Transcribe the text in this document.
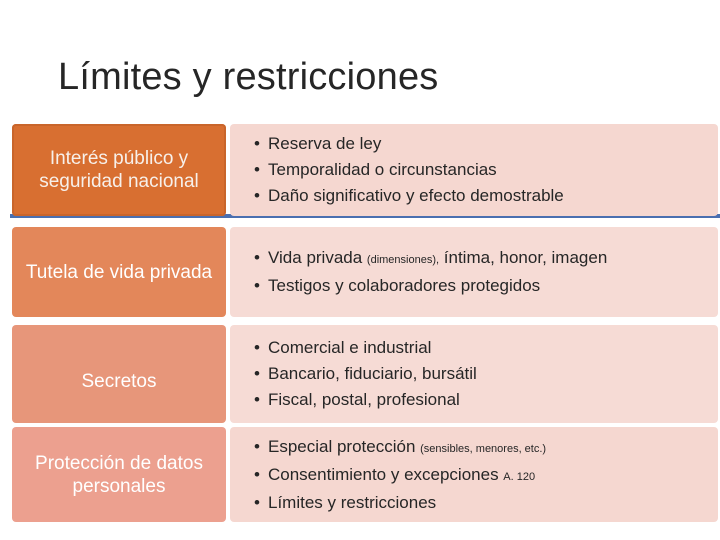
Límites y restricciones
Interés público y seguridad nacional
• Reserva de ley
• Temporalidad o circunstancias
• Daño significativo y efecto demostrable
Tutela de vida privada
• Vida privada (dimensiones), íntima, honor, imagen
• Testigos y colaboradores protegidos
Secretos
• Comercial e industrial
• Bancario, fiduciario, bursátil
• Fiscal, postal, profesional
Protección de datos personales
• Especial protección (sensibles, menores, etc.)
• Consentimiento y excepciones A. 120
• Límites y restricciones
